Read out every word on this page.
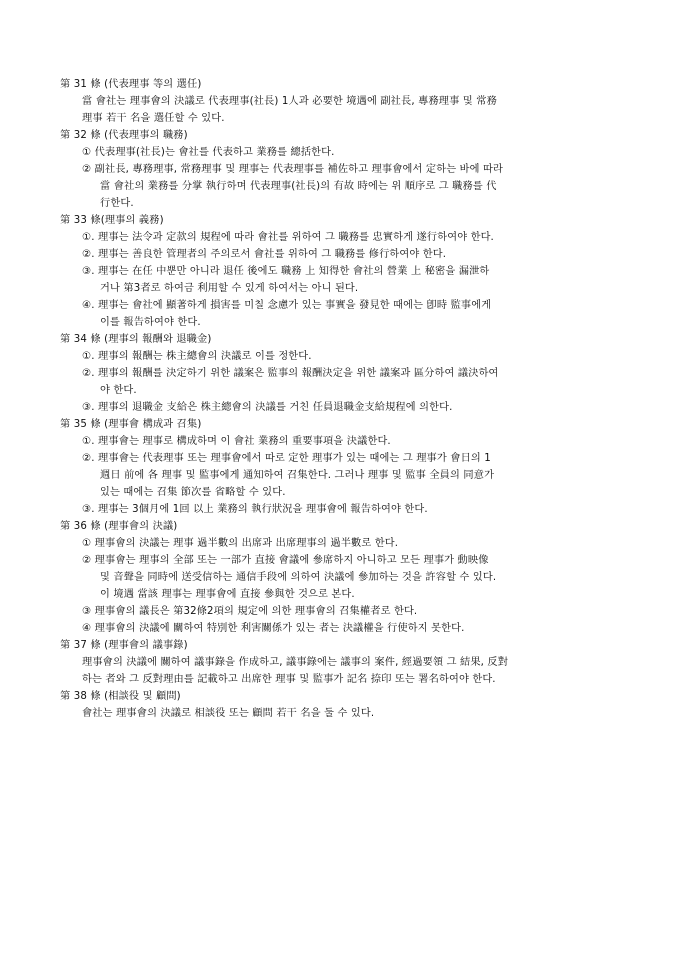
第 31 條 (代表理事 等의 選任)
當 會社는 理事會의 決議로 代表理事(社長) 1人과 必要한 境遇에 副社長, 專務理事 및 常務
理事 若干 名을 選任할 수 있다.
第 32 條 (代表理事의 職務)
① 代表理事(社長)는 會社를 代表하고 業務를 總括한다.
② 副社長, 專務理事, 常務理事 및 理事는 代表理事를 補佐하고 理事會에서 定하는 바에 따라
當 會社의 業務를 分掌 執行하며 代表理事(社長)의 有故 時에는 위 順序로 그 職務를 代
行한다.
第 33 條(理事의 義務)
①. 理事는 法令과 定款의 規程에 따라 會社를 위하여 그 職務를 忠實하게 遂行하여야 한다.
②. 理事는 善良한 管理者의 주의로서 會社를 위하여 그 職務를 修行하여야 한다.
③. 理事는 在任 中뿐만 아니라 退任 後에도 職務 上 知得한 會社의 營業 上 秘密을 漏泄하
거나 第3者로 하여금 利用할 수 있게 하여서는 아니 된다.
④. 理事는 會社에 顯著하게 損害를 미칠 念慮가 있는 事實을 發見한 때에는 卽時 監事에게
이를 報告하여야 한다.
第 34 條 (理事의 報酬와 退職金)
①. 理事의 報酬는 株主總會의 決議로 이를 정한다.
②. 理事의 報酬를 決定하기 위한 議案은 監事의 報酬決定을 위한 議案과 區分하여 議決하여
야 한다.
③. 理事의 退職金 支給은 株主總會의 決議를 거친 任員退職金支給規程에 의한다.
第 35 條 (理事會 構成과 召集)
①. 理事會는 理事로 構成하며 이 會社 業務의 重要事項을 決議한다.
②. 理事會는 代表理事 또는 理事會에서 따로 定한 理事가 있는 때에는 그 理事가 會日의 1
週日 前에 各 理事 및 監事에게 通知하여 召集한다. 그러나 理事 및 監事 全員의 同意가
있는 때에는 召集 節次를 省略할 수 있다.
③. 理事는 3個月에 1回 以上 業務의 執行狀況을 理事會에 報告하여야 한다.
第 36 條 (理事會의 決議)
① 理事會의 決議는 理事 過半數의 出席과 出席理事의 過半數로 한다.
② 理事會는 理事의 全部 또는 一部가 直接 會議에 參席하지 아니하고 모든 理事가 動映像
및 音聲을 同時에 送受信하는 通信手段에 의하여 決議에 參加하는 것을 許容할 수 있다.
이 境遇 當該 理事는 理事會에 直接 參與한 것으로 본다.
③ 理事會의 議長은 第32條2項의 規定에 의한 理事會의 召集權者로 한다.
④ 理事會의 決議에 關하여 特別한 利害關係가 있는 者는 決議權을 行使하지 못한다.
第 37 條 (理事會의 議事錄)
理事會의 決議에 關하여 議事錄을 作成하고, 議事錄에는 議事의 案件, 經過要領 그 結果, 反對
하는 者와 그 反對理由를 記載하고 出席한 理事 및 監事가 記名 捺印 또는 署名하여야 한다.
第 38 條 (相談役 및 顧問)
會社는 理事會의 決議로 相談役 또는 顧問 若干 名을 둘 수 있다.
